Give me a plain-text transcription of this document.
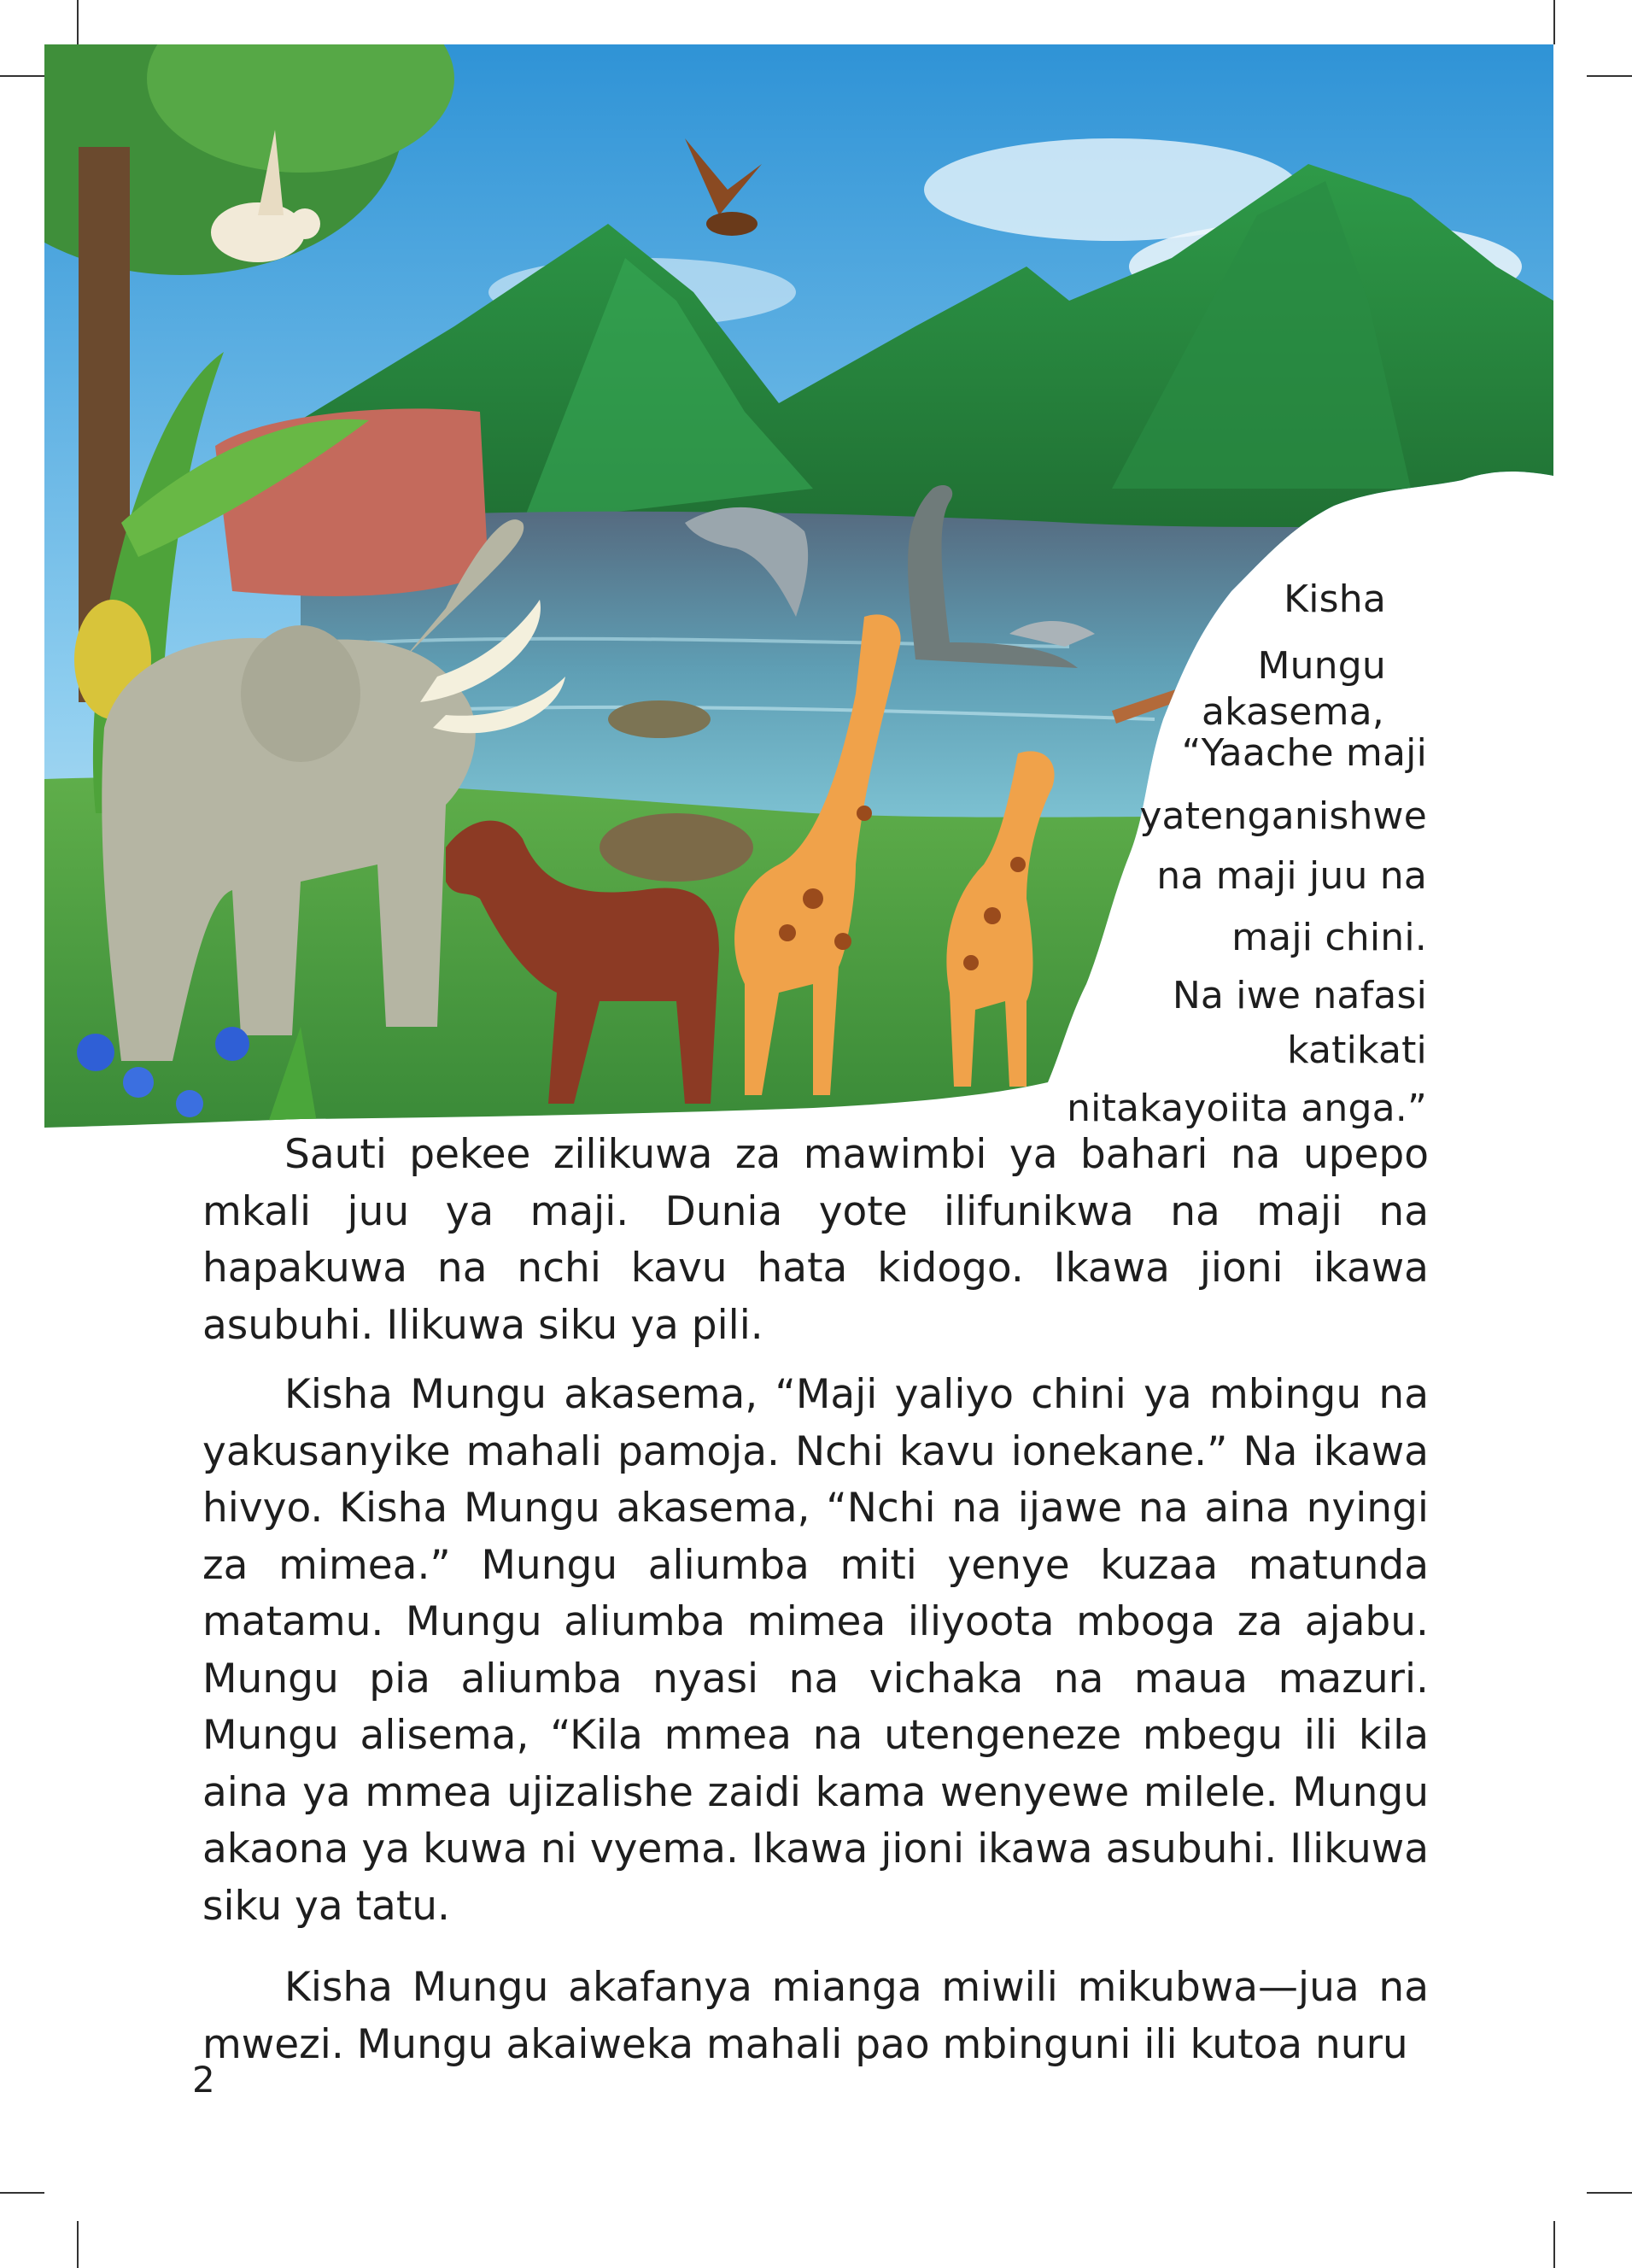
Kisha
Mungu
akasema,
“Yaache maji
yatenganishwe
na maji juu na
maji chini.
Na iwe nafasi
katikati
nitakayoiita anga.”

Sauti pekee zilikuwa za mawimbi ya bahari na upepo mkali juu ya maji. Dunia yote ilifunikwa na maji na hapakuwa na nchi kavu hata kidogo. Ikawa jioni ikawa asubuhi. Ilikuwa siku ya pili.

Kisha Mungu akasema, “Maji yaliyo chini ya mbingu na yakusanyike mahali pamoja. Nchi kavu ionekane.” Na ikawa hivyo. Kisha Mungu akasema, “Nchi na ijawe na aina nyingi za mimea.” Mungu aliumba miti yenye kuzaa matunda matamu. Mungu aliumba mimea iliyoota mboga za ajabu. Mungu pia aliumba nyasi na vichaka na maua mazuri. Mungu alisema, “Kila mmea na utengeneze mbegu ili kila aina ya mmea ujizalishe zaidi kama wenyewe milele. Mungu akaona ya kuwa ni vyema. Ikawa jioni ikawa asubuhi. Ilikuwa siku ya tatu.

Kisha Mungu akafanya mianga miwili mikubwa—jua na mwezi. Mungu akaiweka mahali pao mbinguni ili kutoa nuru

2
